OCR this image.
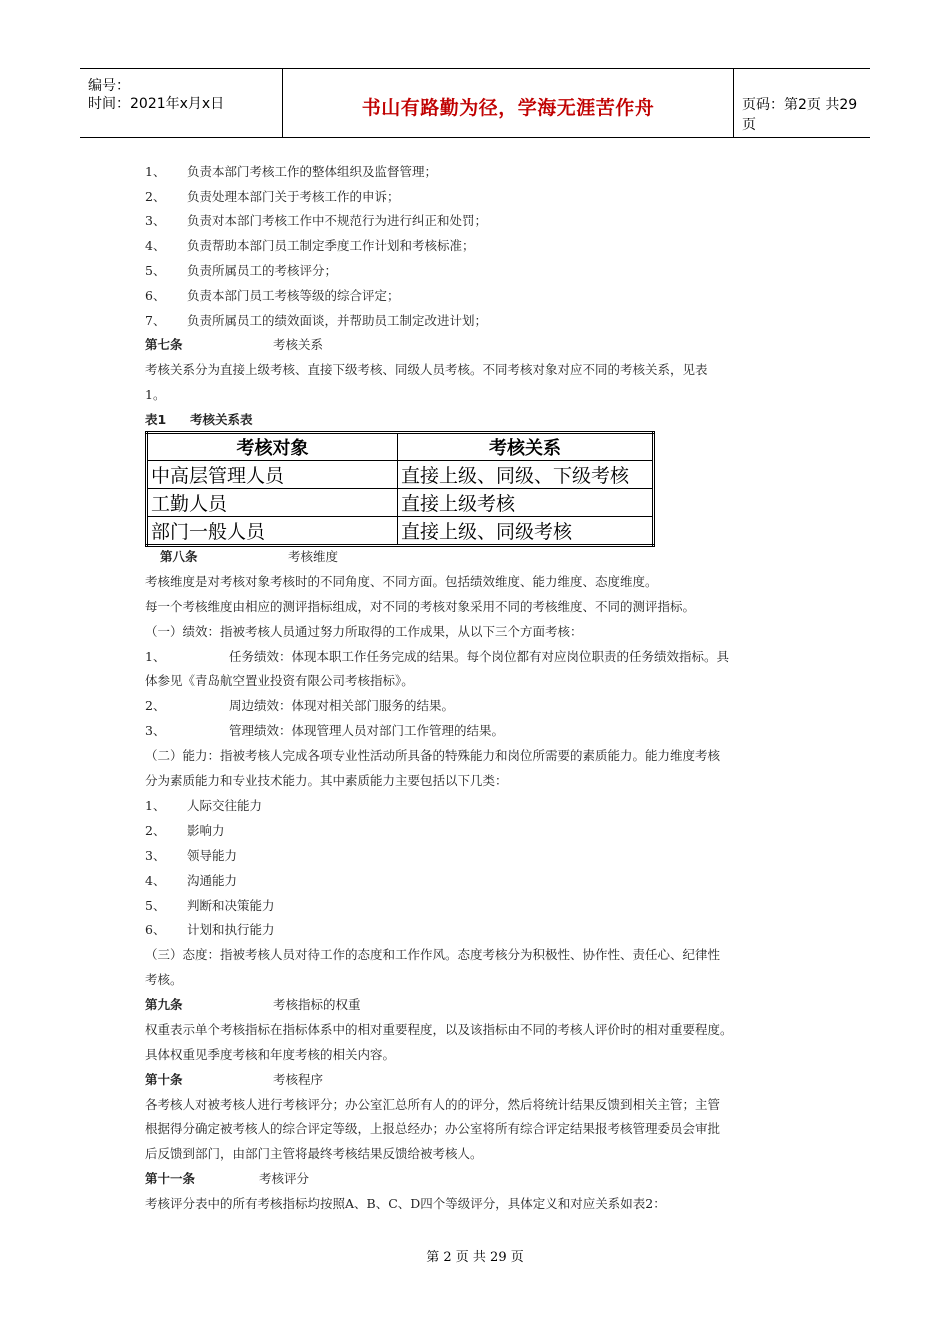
编号：
时间：2021年x月x日	书山有路勤为径，学海无涯苦作舟	页码：第2页 共29页
1、 负责本部门考核工作的整体组织及监督管理；
2、 负责处理本部门关于考核工作的申诉；
3、 负责对本部门考核工作中不规范行为进行纠正和处罚；
4、 负责帮助本部门员工制定季度工作计划和考核标准；
5、 负责所属员工的考核评分；
6、 负责本部门员工考核等级的综合评定；
7、 负责所属员工的绩效面谈，并帮助员工制定改进计划；
第七条	考核关系
考核关系分为直接上级考核、直接下级考核、同级人员考核。不同考核对象对应不同的考核关系，见表
1。
表1 考核关系表
考核对象	考核关系
中高层管理人员	直接上级、同级、下级考核
工勤人员	直接上级考核
部门一般人员	直接上级、同级考核
第八条	考核维度
考核维度是对考核对象考核时的不同角度、不同方面。包括绩效维度、能力维度、态度维度。
每一个考核维度由相应的测评指标组成，对不同的考核对象采用不同的考核维度、不同的测评指标。
（一）绩效：指被考核人员通过努力所取得的工作成果，从以下三个方面考核：
1、	任务绩效：体现本职工作任务完成的结果。每个岗位都有对应岗位职责的任务绩效指标。具
体参见《青岛航空置业投资有限公司考核指标》。
2、	周边绩效：体现对相关部门服务的结果。
3、	管理绩效：体现管理人员对部门工作管理的结果。
（二）能力：指被考核人完成各项专业性活动所具备的特殊能力和岗位所需要的素质能力。能力维度考核
分为素质能力和专业技术能力。其中素质能力主要包括以下几类：
1、 人际交往能力
2、 影响力
3、 领导能力
4、 沟通能力
5、 判断和决策能力
6、 计划和执行能力
（三）态度：指被考核人员对待工作的态度和工作作风。态度考核分为积极性、协作性、责任心、纪律性
考核。
第九条	考核指标的权重
权重表示单个考核指标在指标体系中的相对重要程度，以及该指标由不同的考核人评价时的相对重要程度。
具体权重见季度考核和年度考核的相关内容。
第十条	考核程序
各考核人对被考核人进行考核评分；办公室汇总所有人的的评分，然后将统计结果反馈到相关主管；主管
根据得分确定被考核人的综合评定等级，上报总经办；办公室将所有综合评定结果报考核管理委员会审批
后反馈到部门，由部门主管将最终考核结果反馈给被考核人。
第十一条	考核评分
考核评分表中的所有考核指标均按照A、B、C、D四个等级评分，具体定义和对应关系如表2：
第 2 页 共 29 页
